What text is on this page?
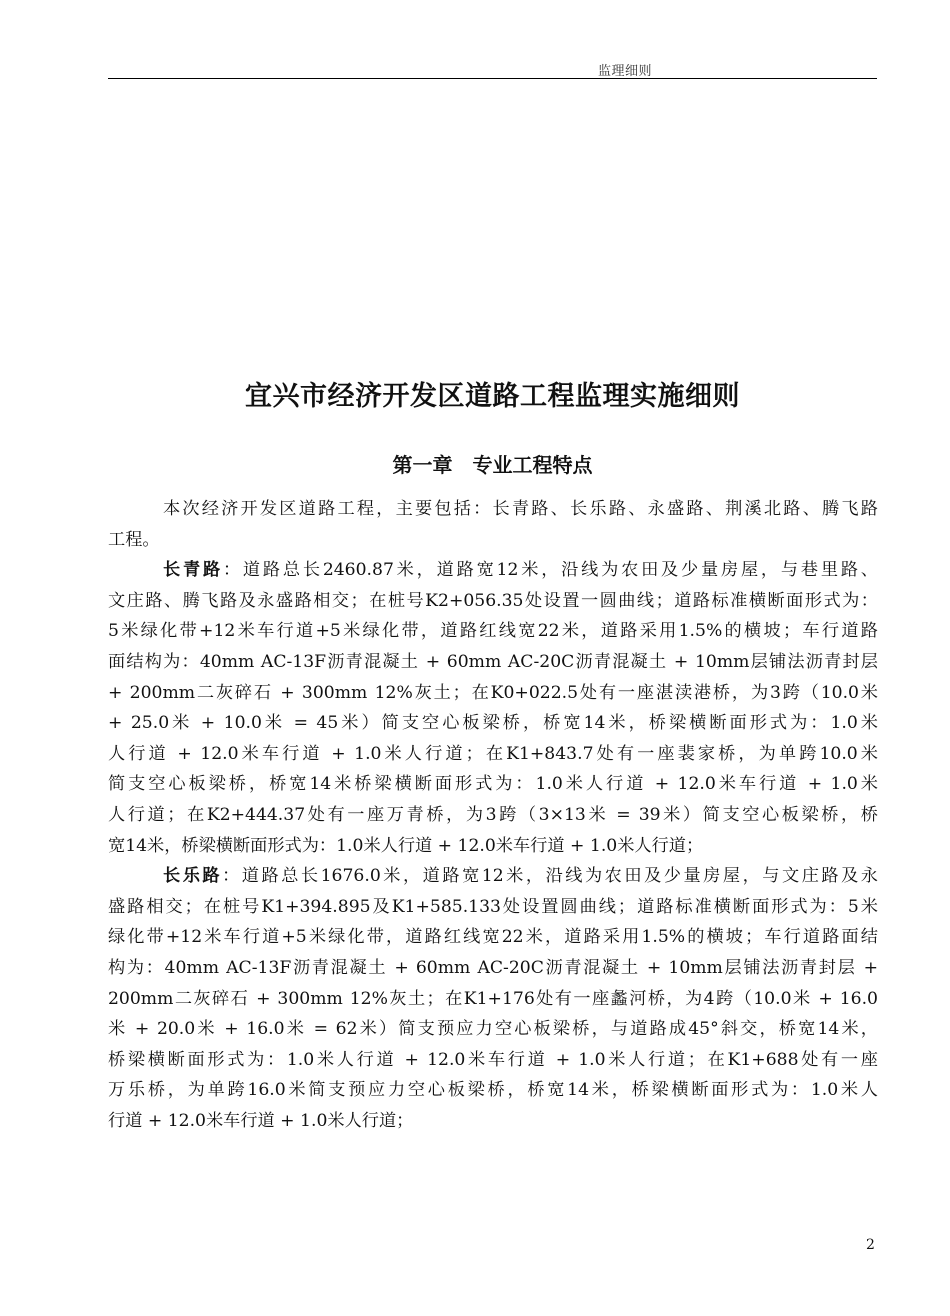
监理细则
宜兴市经济开发区道路工程监理实施细则
第一章　专业工程特点
本次经济开发区道路工程，主要包括：长青路、长乐路、永盛路、荆溪北路、腾飞路
工程。
长青路：道路总长2460.87米，道路宽12米，沿线为农田及少量房屋，与巷里路、
文庄路、腾飞路及永盛路相交；在桩号K2+056.35处设置一圆曲线；道路标准横断面形式为：
5米绿化带+12米车行道+5米绿化带，道路红线宽22米，道路采用1.5%的横坡；车行道路
面结构为：40mm AC-13F沥青混凝土 + 60mm AC-20C沥青混凝土 + 10mm层铺法沥青封层
+ 200mm二灰碎石 + 300mm 12%灰土；在K0+022.5处有一座湛渎港桥，为3跨（10.0米
+ 25.0米 + 10.0米 = 45米）简支空心板梁桥，桥宽14米，桥梁横断面形式为：1.0米
人行道 + 12.0米车行道 + 1.0米人行道；在K1+843.7处有一座裴家桥，为单跨10.0米
简支空心板梁桥，桥宽14米桥梁横断面形式为：1.0米人行道 + 12.0米车行道 + 1.0米
人行道；在K2+444.37处有一座万青桥，为3跨（3×13米 = 39米）简支空心板梁桥，桥
宽14米，桥梁横断面形式为：1.0米人行道 + 12.0米车行道 + 1.0米人行道；
长乐路：道路总长1676.0米，道路宽12米，沿线为农田及少量房屋，与文庄路及永
盛路相交；在桩号K1+394.895及K1+585.133处设置圆曲线；道路标准横断面形式为：5米
绿化带+12米车行道+5米绿化带，道路红线宽22米，道路采用1.5%的横坡；车行道路面结
构为：40mm AC-13F沥青混凝土 + 60mm AC-20C沥青混凝土 + 10mm层铺法沥青封层 +
200mm二灰碎石 + 300mm 12%灰土；在K1+176处有一座蠡河桥，为4跨（10.0米 + 16.0
米 + 20.0米 + 16.0米 = 62米）简支预应力空心板梁桥，与道路成45°斜交，桥宽14米，
桥梁横断面形式为：1.0米人行道 + 12.0米车行道 + 1.0米人行道；在K1+688处有一座
万乐桥，为单跨16.0米简支预应力空心板梁桥，桥宽14米，桥梁横断面形式为：1.0米人
行道 + 12.0米车行道 + 1.0米人行道；
2
